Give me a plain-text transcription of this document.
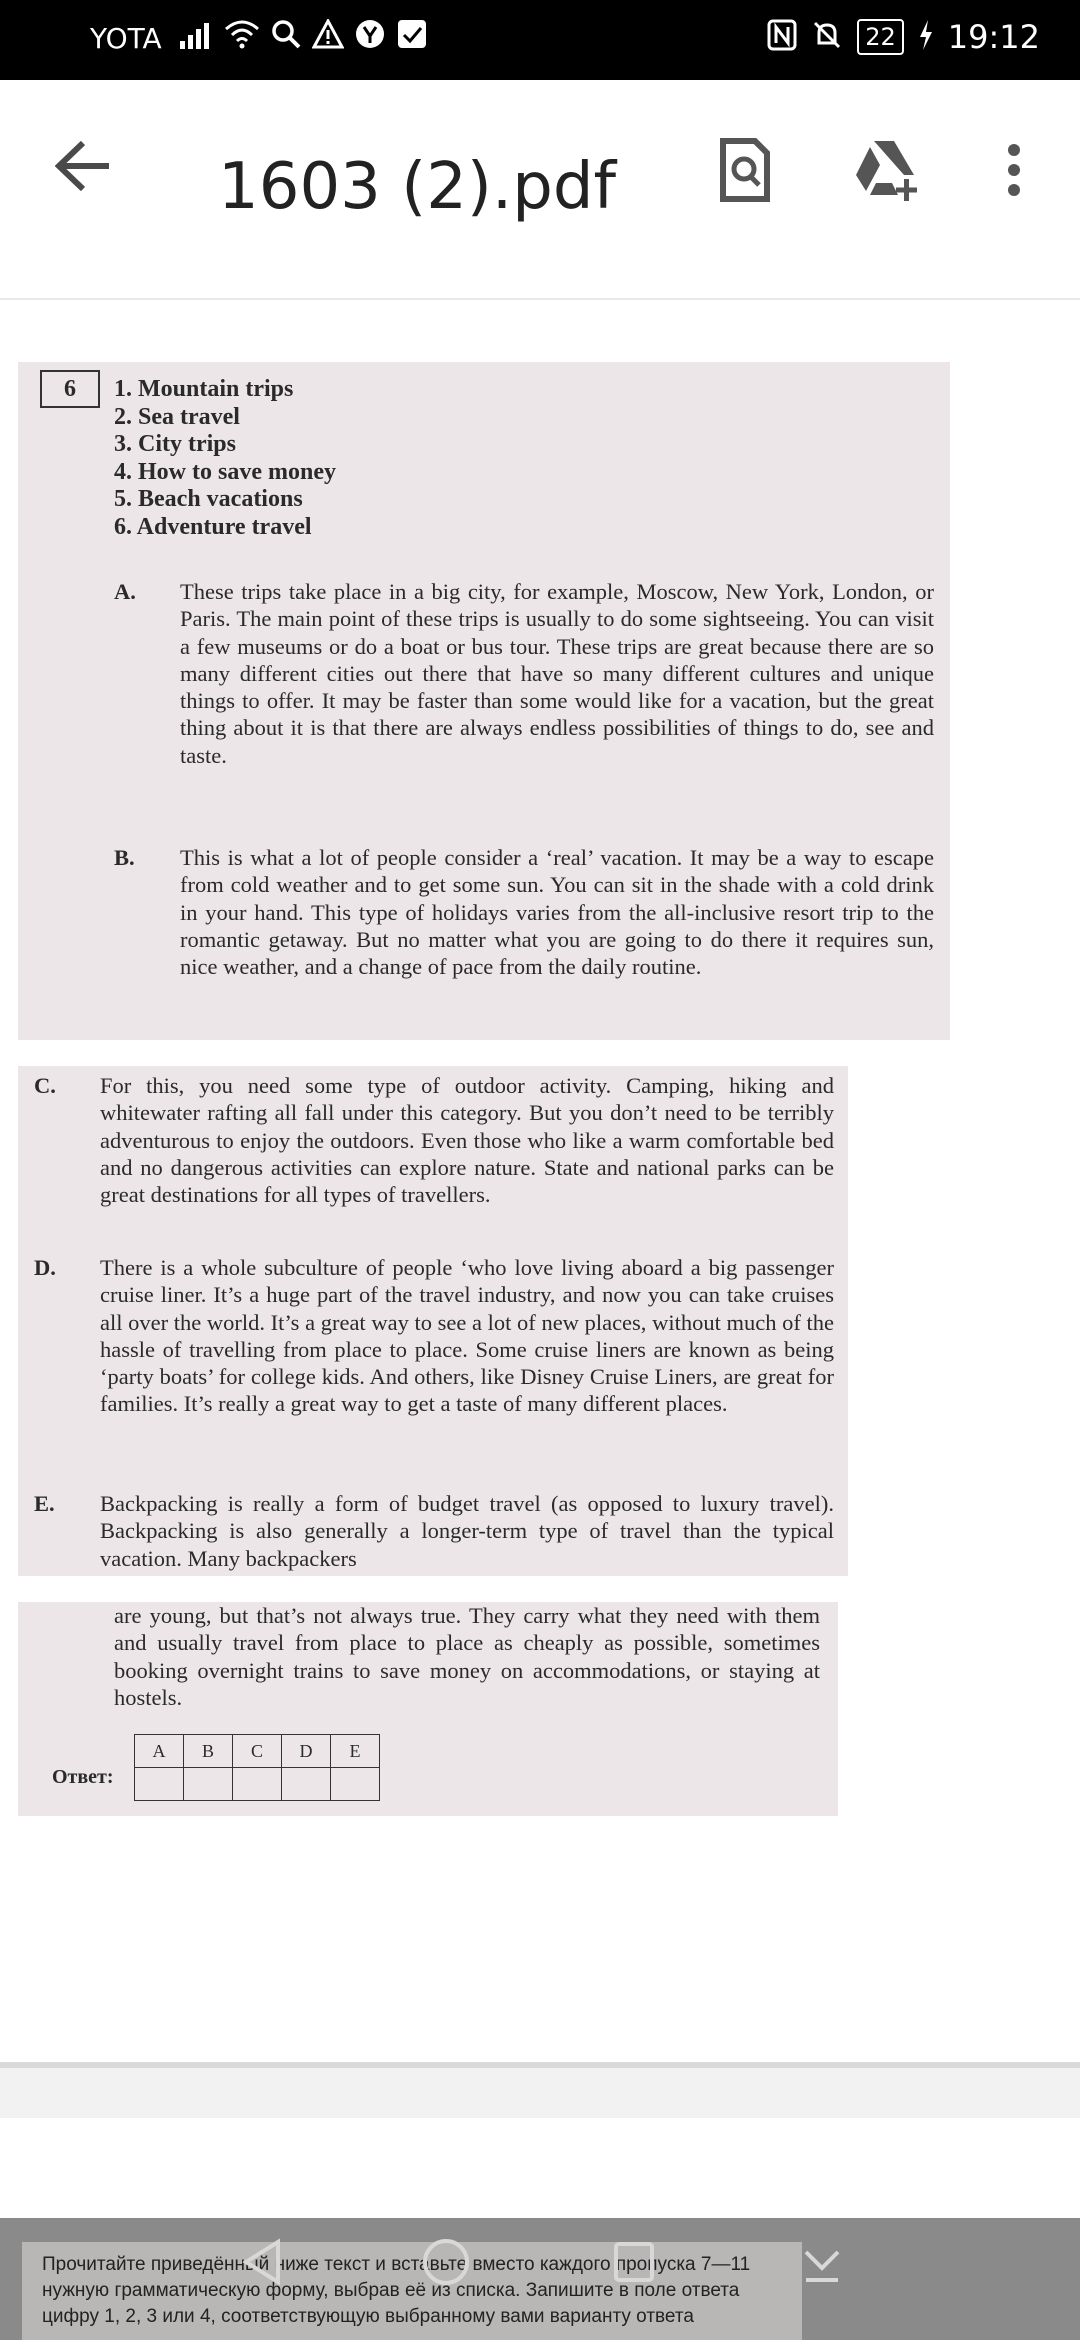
YOTA	22 19:12
1603 (2).pdf
6	1. Mountain trips
2. Sea travel
3. City trips
4. How to save money
5. Beach vacations
6. Adventure travel
A. These trips take place in a big city, for example, Moscow, New York, London, or Paris. The main point of these trips is usually to do some sightseeing. You can visit a few museums or do a boat or bus tour. These trips are great because there are so many different cities out there that have so many different cultures and unique things to offer. It may be faster than some would like for a vacation, but the great thing about it is that there are always endless possibilities of things to do, see and taste.
B. This is what a lot of people consider a ‘real’ vacation. It may be a way to escape from cold weather and to get some sun. You can sit in the shade with a cold drink in your hand. This type of holidays varies from the all-inclusive resort trip to the romantic getaway. But no matter what you are going to do there it requires sun, nice weather, and a change of pace from the daily routine.
C. For this, you need some type of outdoor activity. Camping, hiking and whitewater rafting all fall under this category. But you don’t need to be terribly adventurous to enjoy the outdoors. Even those who like a warm comfortable bed and no dangerous activities can explore nature. State and national parks can be great destinations for all types of travellers.
D. There is a whole subculture of people ‘who love living aboard a big passenger cruise liner. It’s a huge part of the travel industry, and now you can take cruises all over the world. It’s a great way to see a lot of new places, without much of the hassle of travelling from place to place. Some cruise liners are known as being ‘party boats’ for college kids. And others, like Disney Cruise Liners, are great for families. It’s really a great way to get a taste of many different places.
E. Backpacking is really a form of budget travel (as opposed to luxury travel). Backpacking is also generally a longer-term type of travel than the typical vacation. Many backpackers
are young, but that’s not always true. They carry what they need with them and usually travel from place to place as cheaply as possible, sometimes booking overnight trains to save money on accommodations, or staying at hostels.
Ответ:
A	B	C	D	E

Прочитайте приведённый ниже текст и вставьте вместо каждого пропуска 7—11 нужную грамматическую форму, выбрав её из списка. Запишите в поле ответа цифру 1, 2, 3 или 4, соответствующую выбранному вами варианту ответа
